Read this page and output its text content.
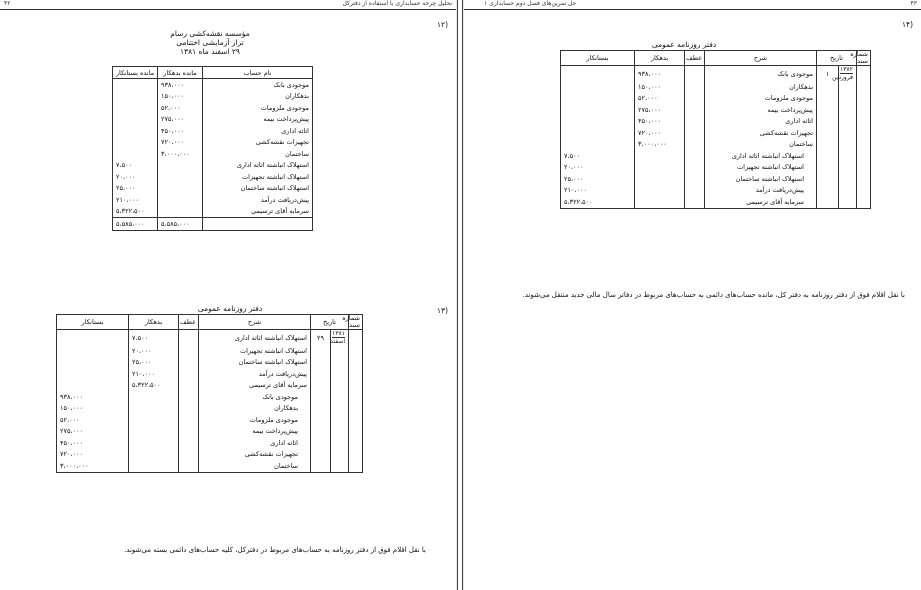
۴۲	تحلیل چرخه حسابداری با استفاده از دفترکل
(۱۲
مؤسسه نقشه‌کشی رسام
تراز آزمایشی اختتامی
۲۹ اسفند ماه ۱۳۸۱
نام حساب	مانده بدهکار	مانده بستانکار
موجودی بانک	۹۳۸،۰۰۰	
بدهکاران	۱۵۰،۰۰۰	
موجودی ملزومات	۵۲،۰۰۰	
پیش‌پرداخت بیمه	۲۷۵،۰۰۰	
اثاثه اداری	۴۵۰،۰۰۰	
تجهیزات نقشه‌کشی	۷۲۰،۰۰۰	
ساختمان	۳،۰۰۰،۰۰۰	
استهلاک انباشته اثاثه اداری		۷،۵۰۰
استهلاک انباشته تجهیزات		۲۰،۰۰۰
استهلاک انباشته ساختمان		۲۵،۰۰۰
پیش‌دریافت درآمد		۲۱۰،۰۰۰
سرمایه آقای ترسیمی		۵،۳۲۲،۵۰۰
	۵،۵۸۵،۰۰۰	۵،۵۸۵،۰۰۰
(۱۳
دفتر روزنامه عمومی
شماره سند	تاریخ		شرح	عطف	بدهکار	بستانکار
	۱۳۸۱
اسفند	۲۹	استهلاک انباشته اثاثه اداری		۷،۵۰۰	
			استهلاک انباشته تجهیزات		۲۰،۰۰۰	
			استهلاک انباشته ساختمان		۲۵،۰۰۰	
			پیش‌دریافت درآمد		۲۱۰،۰۰۰	
			سرمایه آقای ترسیمی		۵،۳۲۲،۵۰۰	
			موجودی بانک			۹۳۸،۰۰۰
			بدهکاران			۱۵۰،۰۰۰
			موجودی ملزومات			۵۲،۰۰۰
			پیش‌پرداخت بیمه			۲۷۵،۰۰۰
			اثاثه اداری			۴۵۰،۰۰۰
			تجهیزات نقشه‌کشی			۷۲۰،۰۰۰
			ساختمان			۳،۰۰۰،۰۰۰
با نقل اقلام فوق از دفتر روزنامه به حساب‌های مربوط در دفترکل، کلیه حساب‌های دائمی بسته می‌شوند.
۴۳
حل تمرین‌های فصل دوم حسابداری ۱
(۱۴
دفتر روزنامه عمومی
شماره سند	تاریخ		شرح	عطف	بدهکار	بستانکار
	۱۳۸۲
فروردین	۱	موجودی بانک		۹۳۸،۰۰۰	
			بدهکاران		۱۵۰،۰۰۰	
			موجودی ملزومات		۵۲،۰۰۰	
			پیش‌پرداخت بیمه		۲۷۵،۰۰۰	
			اثاثه اداری		۴۵۰،۰۰۰	
			تجهیزات نقشه‌کشی		۷۲۰،۰۰۰	
			ساختمان		۳،۰۰۰،۰۰۰	
			استهلاک انباشته اثاثه اداری			۷،۵۰۰
			استهلاک انباشته تجهیزات			۲۰،۰۰۰
			استهلاک انباشته ساختمان			۲۵،۰۰۰
			پیش‌دریافت درآمد			۲۱۰،۰۰۰
			سرمایه آقای ترسیمی			۵،۳۲۲،۵۰۰
با نقل اقلام فوق از دفتر روزنامه به دفتر کل، مانده حساب‌های دائمی به حساب‌های مربوط در دفاتر سال مالی جدید منتقل می‌شوند.
